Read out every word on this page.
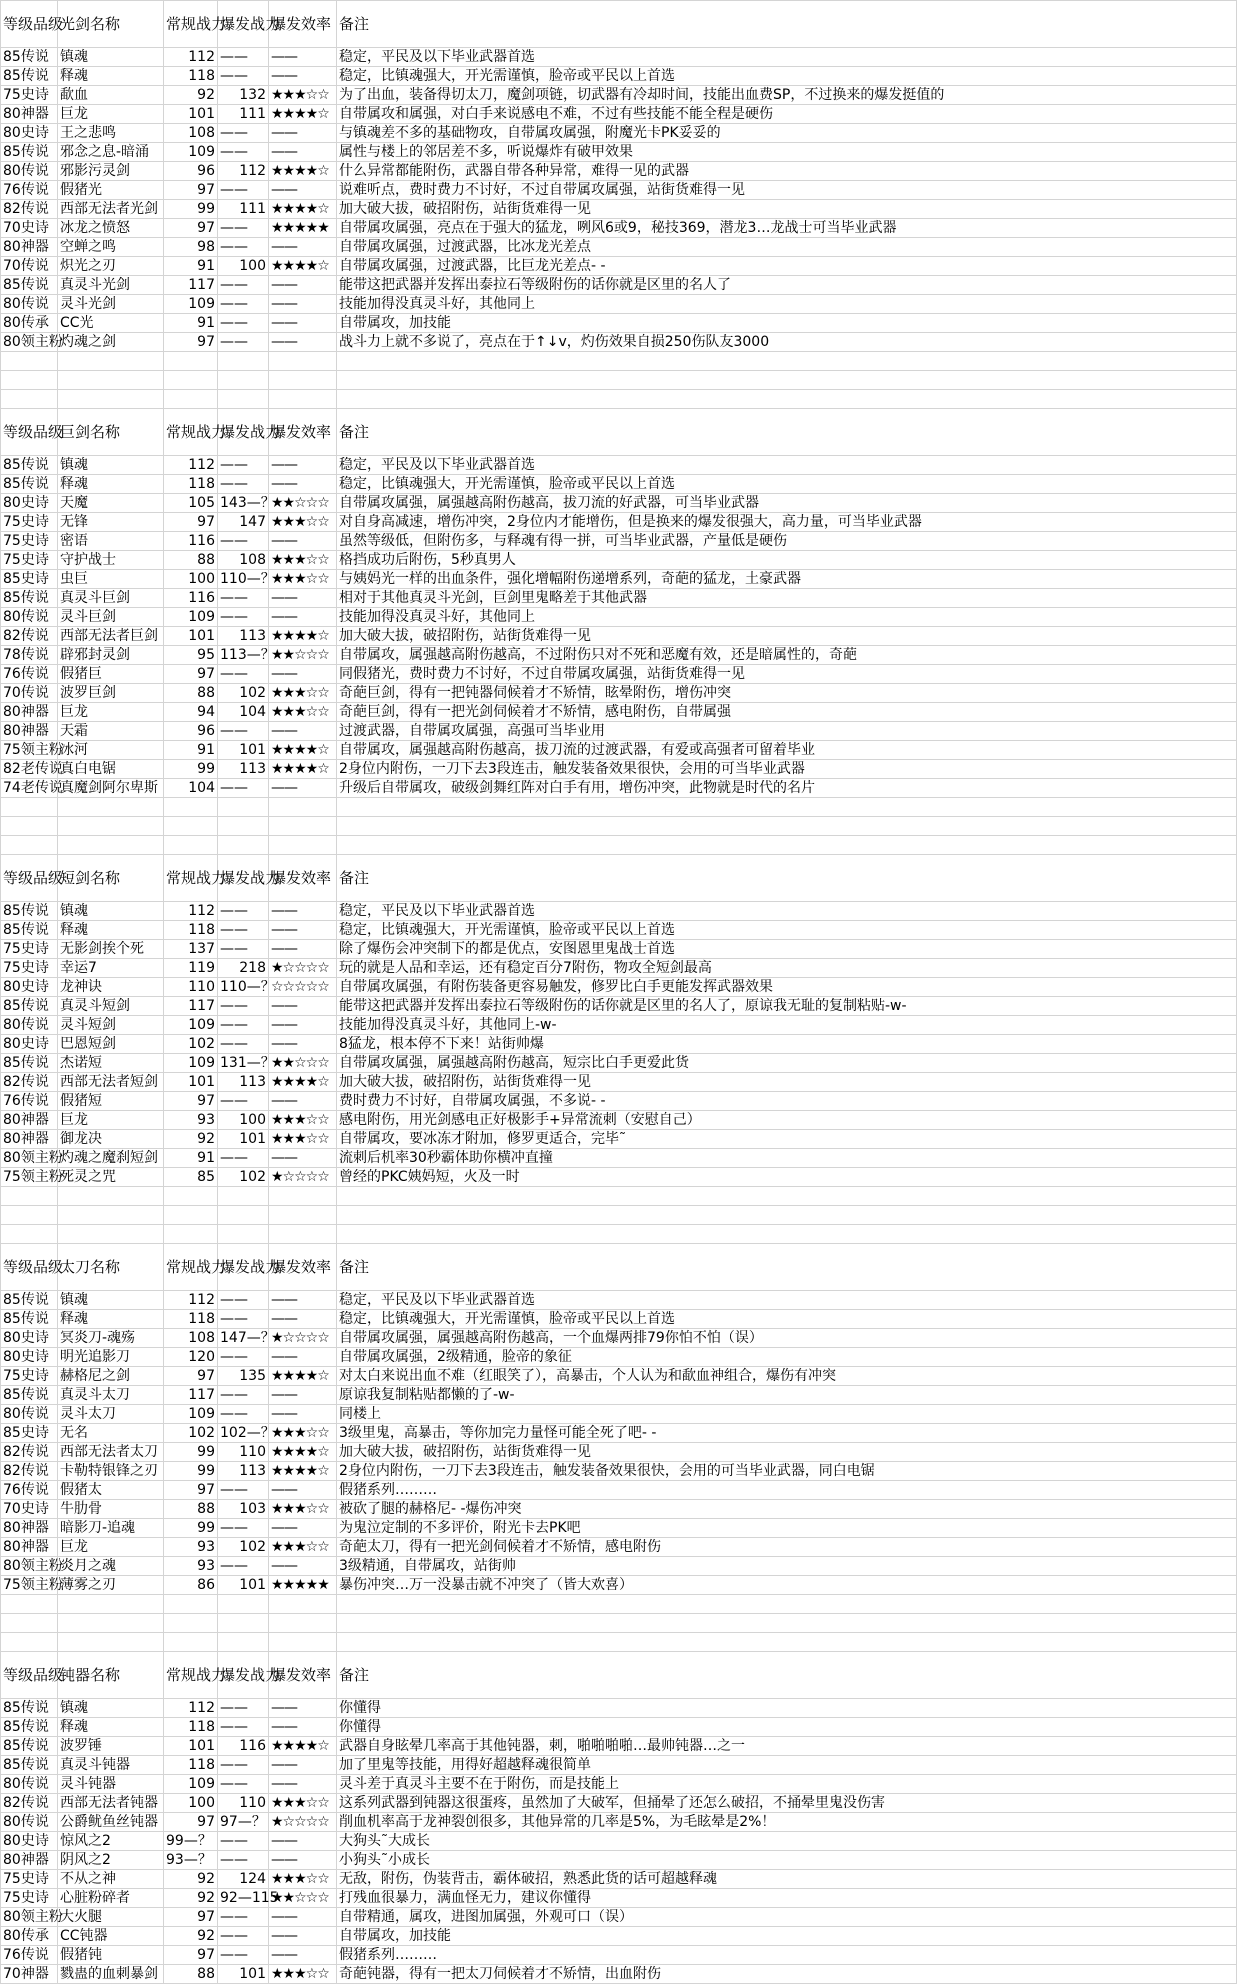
等级品级	光剑名称	常规战力	爆发战力	爆发效率	备注
85传说	镇魂	112	——	——	稳定，平民及以下毕业武器首选
85传说	释魂	118	——	——	稳定，比镇魂强大，开光需谨慎，脸帝或平民以上首选
75史诗	歃血	92	132	★★★☆☆	为了出血，装备得切太刀，魔剑项链，切武器有冷却时间，技能出血费SP，不过换来的爆发挺值的
80神器	巨龙	101	111	★★★★☆	自带属攻和属强，对白手来说感电不难，不过有些技能不能全程是硬伤
80史诗	王之悲鸣	108	——	——	与镇魂差不多的基础物攻，自带属攻属强，附魔光卡PK妥妥的
85传说	邪念之息-暗涌	109	——	——	属性与楼上的邻居差不多，听说爆炸有破甲效果
80传说	邪影污灵剑	96	112	★★★★☆	什么异常都能附伤，武器自带各种异常，难得一见的武器
76传说	假猪光	97	——	——	说难听点，费时费力不讨好，不过自带属攻属强，站街货难得一见
82传说	西部无法者光剑	99	111	★★★★☆	加大破大拔，破招附伤，站街货难得一见
70史诗	冰龙之愤怒	97	——	★★★★★	自带属攻属强，亮点在于强大的猛龙，咧风6或9，秘技369，潜龙3…龙战士可当毕业武器
80神器	空蝉之鸣	98	——	——	自带属攻属强，过渡武器，比冰龙光差点
70传说	炽光之刃	91	100	★★★★☆	自带属攻属强，过渡武器，比巨龙光差点- -
85传说	真灵斗光剑	117	——	——	能带这把武器并发挥出泰拉石等级附伤的话你就是区里的名人了
80传说	灵斗光剑	109	——	——	技能加得没真灵斗好，其他同上
80传承	CC光	91	——	——	自带属攻，加技能
80领主粉	灼魂之剑	97	——	——	战斗力上就不多说了，亮点在于↑↓v，灼伤效果自损250伤队友3000

等级品级	巨剑名称	常规战力	爆发战力	爆发效率	备注
85传说	镇魂	112	——	——	稳定，平民及以下毕业武器首选
85传说	释魂	118	——	——	稳定，比镇魂强大，开光需谨慎，脸帝或平民以上首选
80史诗	天魔	105	143—？	★★☆☆☆	自带属攻属强，属强越高附伤越高，拔刀流的好武器，可当毕业武器
75史诗	无锋	97	147	★★★☆☆	对自身高减速，增伤冲突，2身位内才能增伤，但是换来的爆发很强大，高力量，可当毕业武器
75史诗	密语	116	——	——	虽然等级低，但附伤多，与释魂有得一拼，可当毕业武器，产量低是硬伤
75史诗	守护战士	88	108	★★★☆☆	格挡成功后附伤，5秒真男人
85史诗	虫巨	100	110—？	★★★☆☆	与姨妈光一样的出血条件，强化增幅附伤递增系列，奇葩的猛龙，土豪武器
85传说	真灵斗巨剑	116	——	——	相对于其他真灵斗光剑，巨剑里鬼略差于其他武器
80传说	灵斗巨剑	109	——	——	技能加得没真灵斗好，其他同上
82传说	西部无法者巨剑	101	113	★★★★☆	加大破大拔，破招附伤，站街货难得一见
78传说	辟邪封灵剑	95	113—？	★★☆☆☆	自带属攻，属强越高附伤越高，不过附伤只对不死和恶魔有效，还是暗属性的，奇葩
76传说	假猪巨	97	——	——	同假猪光，费时费力不讨好，不过自带属攻属强，站街货难得一见
70传说	波罗巨剑	88	102	★★★☆☆	奇葩巨剑，得有一把钝器伺候着才不矫情，眩晕附伤，增伤冲突
80神器	巨龙	94	104	★★★☆☆	奇葩巨剑，得有一把光剑伺候着才不矫情，感电附伤，自带属强
80神器	天霜	96	——	——	过渡武器，自带属攻属强，高强可当毕业用
75领主粉	冰河	91	101	★★★★☆	自带属攻，属强越高附伤越高，拔刀流的过渡武器，有爱或高强者可留着毕业
82老传说	真白电锯	99	113	★★★★☆	2身位内附伤，一刀下去3段连击，触发装备效果很快，会用的可当毕业武器
74老传说	真魔剑阿尔卑斯	104	——	——	升级后自带属攻，破级剑舞红阵对白手有用，增伤冲突，此物就是时代的名片

等级品级	短剑名称	常规战力	爆发战力	爆发效率	备注
85传说	镇魂	112	——	——	稳定，平民及以下毕业武器首选
85传说	释魂	118	——	——	稳定，比镇魂强大，开光需谨慎，脸帝或平民以上首选
75史诗	无影剑挨个死	137	——	——	除了爆伤会冲突制下的都是优点，安图恩里鬼战士首选
75史诗	幸运7	119	218	★☆☆☆☆	玩的就是人品和幸运，还有稳定百分7附伤，物攻全短剑最高
80史诗	龙神诀	110	110—？	☆☆☆☆☆	自带属攻属强，有附伤装备更容易触发，修罗比白手更能发挥武器效果
85传说	真灵斗短剑	117	——	——	能带这把武器并发挥出泰拉石等级附伤的话你就是区里的名人了，原谅我无耻的复制粘贴-w-
80传说	灵斗短剑	109	——	——	技能加得没真灵斗好，其他同上-w-
80史诗	巴恩短剑	102	——	——	8猛龙，根本停不下来！站街帅爆
85传说	杰诺短	109	131—？	★★☆☆☆	自带属攻属强，属强越高附伤越高，短宗比白手更爱此货
82传说	西部无法者短剑	101	113	★★★★☆	加大破大拔，破招附伤，站街货难得一见
76传说	假猪短	97	——	——	费时费力不讨好，自带属攻属强，不多说- -
80神器	巨龙	93	100	★★★☆☆	感电附伤，用光剑感电正好极影手+异常流刺（安慰自己）
80神器	御龙决	92	101	★★★☆☆	自带属攻，要冰冻才附加，修罗更适合，完毕˜
80领主粉	灼魂之魔刹短剑	91	——	——	流刺后机率30秒霸体助你横冲直撞
75领主粉	死灵之咒	85	102	★☆☆☆☆	曾经的PKC姨妈短，火及一时

等级品级	太刀名称	常规战力	爆发战力	爆发效率	备注
85传说	镇魂	112	——	——	稳定，平民及以下毕业武器首选
85传说	释魂	118	——	——	稳定，比镇魂强大，开光需谨慎，脸帝或平民以上首选
80史诗	冥炎刀-魂殇	108	147—？	★☆☆☆☆	自带属攻属强，属强越高附伤越高，一个血爆两排79你怕不怕（误）
80史诗	明光追影刀	120	——	——	自带属攻属强，2级精通，脸帝的象征
75史诗	赫格尼之剑	97	135	★★★★☆	对太白来说出血不难（红眼笑了），高暴击，个人认为和歃血神组合，爆伤有冲突
85传说	真灵斗太刀	117	——	——	原谅我复制粘贴都懒的了-w-
80传说	灵斗太刀	109	——	——	同楼上
85史诗	无名	102	102—？	★★★☆☆	3级里鬼，高暴击，等你加完力量怪可能全死了吧- -
82传说	西部无法者太刀	99	110	★★★★☆	加大破大拔，破招附伤，站街货难得一见
82传说	卡勒特银锋之刃	99	113	★★★★☆	2身位内附伤，一刀下去3段连击，触发装备效果很快，会用的可当毕业武器，同白电锯
76传说	假猪太	97	——	——	假猪系列………
70史诗	牛肋骨	88	103	★★★☆☆	被砍了腿的赫格尼- -爆伤冲突
80神器	暗影刀-追魂	99	——	——	为鬼泣定制的不多评价，附光卡去PK吧
80神器	巨龙	93	102	★★★☆☆	奇葩太刀，得有一把光剑伺候着才不矫情，感电附伤
80领主粉	炎月之魂	93	——	——	3级精通，自带属攻，站街帅
75领主粉	薄雾之刃	86	101	★★★★★	暴伤冲突…万一没暴击就不冲突了（皆大欢喜）

等级品级	钝器名称	常规战力	爆发战力	爆发效率	备注
85传说	镇魂	112	——	——	你懂得
85传说	释魂	118	——	——	你懂得
85传说	波罗锤	101	116	★★★★☆	武器自身眩晕几率高于其他钝器，刺，啪啪啪啪…最帅钝器…之一
85传说	真灵斗钝器	118	——	——	加了里鬼等技能，用得好超越释魂很简单
80传说	灵斗钝器	109	——	——	灵斗差于真灵斗主要不在于附伤，而是技能上
82传说	西部无法者钝器	100	110	★★★☆☆	这系列武器到钝器这很蛋疼，虽然加了大破军，但捅晕了还怎么破招，不捅晕里鬼没伤害
80传说	公爵鱿鱼丝钝器	97	97—？	★☆☆☆☆	削血机率高于龙神裂创很多，其他异常的几率是5%，为毛眩晕是2%！
80史诗	惊风之2	99—？	——	——	大狗头˜大成长
80神器	阴风之2	93—？	——	——	小狗头˜小成长
75史诗	不从之神	92	124	★★★☆☆	无敌，附伤，伪装背击，霸体破招，熟悉此货的话可超越释魂
75史诗	心脏粉碎者	92	92—115	★★☆☆☆	打残血很暴力，满血怪无力，建议你懂得
80领主粉	大火腿	97	——	——	自带精通，属攻，进图加属强，外观可口（误）
80传承	CC钝器	92	——	——	自带属攻，加技能
76传说	假猪钝	97	——	——	假猪系列………
70神器	戮蛊的血刺暴剑	88	101	★★★☆☆	奇葩钝器，得有一把太刀伺候着才不矫情，出血附伤
